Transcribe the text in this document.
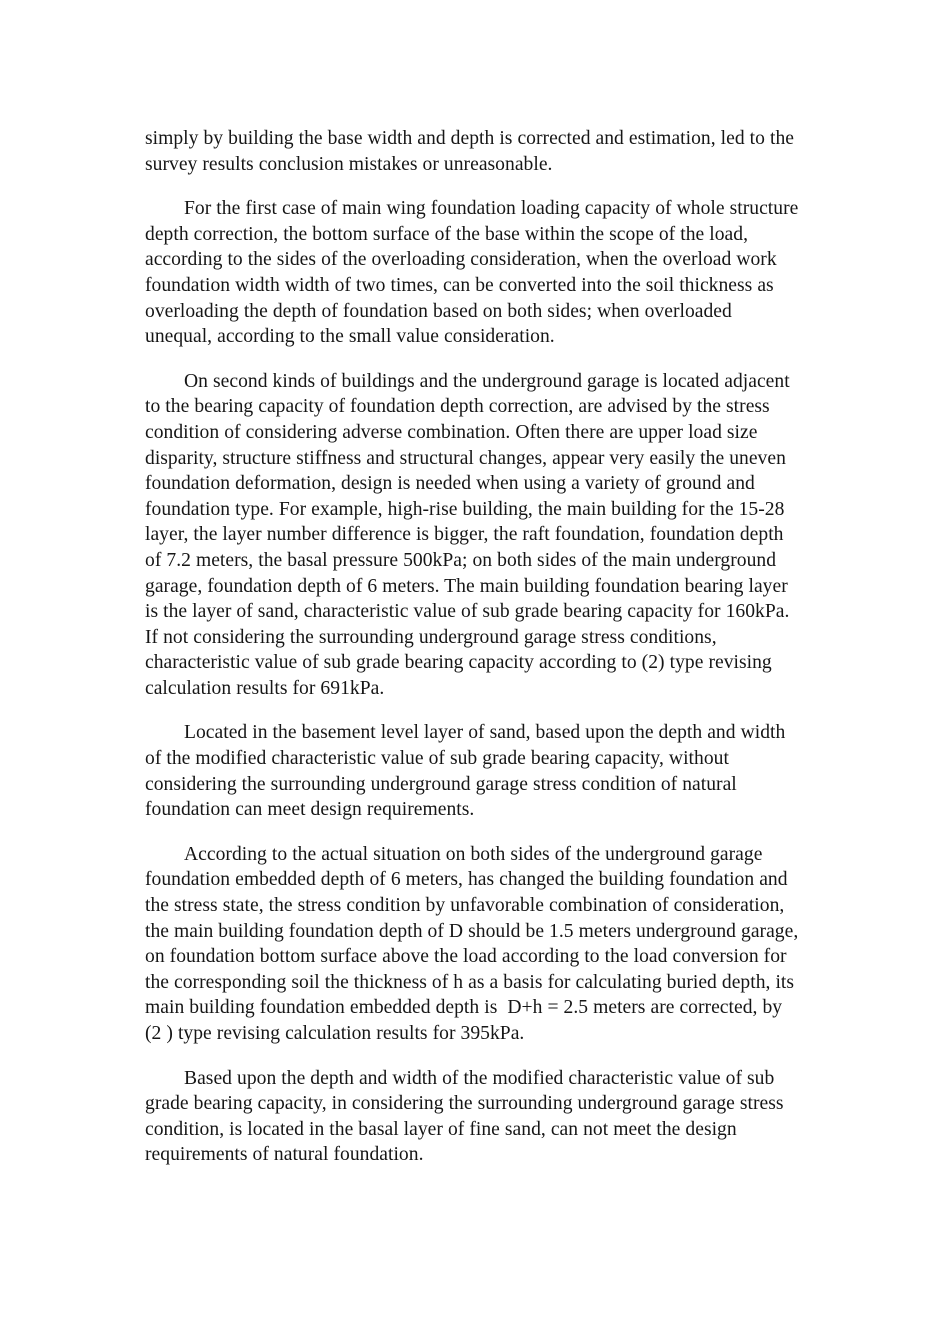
simply by building the base width and depth is corrected and estimation, led to the survey results conclusion mistakes or unreasonable.

For the first case of main wing foundation loading capacity of whole structure depth correction, the bottom surface of the base within the scope of the load, according to the sides of the overloading consideration, when the overload work foundation width width of two times, can be converted into the soil thickness as overloading the depth of foundation based on both sides; when overloaded unequal, according to the small value consideration.

On second kinds of buildings and the underground garage is located adjacent to the bearing capacity of foundation depth correction, are advised by the stress condition of considering adverse combination. Often there are upper load size disparity, structure stiffness and structural changes, appear very easily the uneven foundation deformation, design is needed when using a variety of ground and foundation type. For example, high-rise building, the main building for the 15-28 layer, the layer number difference is bigger, the raft foundation, foundation depth of 7.2 meters, the basal pressure 500kPa; on both sides of the main underground garage, foundation depth of 6 meters. The main building foundation bearing layer is the layer of sand, characteristic value of sub grade bearing capacity for 160kPa. If not considering the surrounding underground garage stress conditions, characteristic value of sub grade bearing capacity according to (2) type revising calculation results for 691kPa.

Located in the basement level layer of sand, based upon the depth and width of the modified characteristic value of sub grade bearing capacity, without considering the surrounding underground garage stress condition of natural foundation can meet design requirements.

According to the actual situation on both sides of the underground garage foundation embedded depth of 6 meters, has changed the building foundation and the stress state, the stress condition by unfavorable combination of consideration, the main building foundation depth of D should be 1.5 meters underground garage, on foundation bottom surface above the load according to the load conversion for the corresponding soil the thickness of h as a basis for calculating buried depth, its main building foundation embedded depth is  D+h = 2.5 meters are corrected, by (2 ) type revising calculation results for 395kPa.

Based upon the depth and width of the modified characteristic value of sub grade bearing capacity, in considering the surrounding underground garage stress condition, is located in the basal layer of fine sand, can not meet the design requirements of natural foundation.
